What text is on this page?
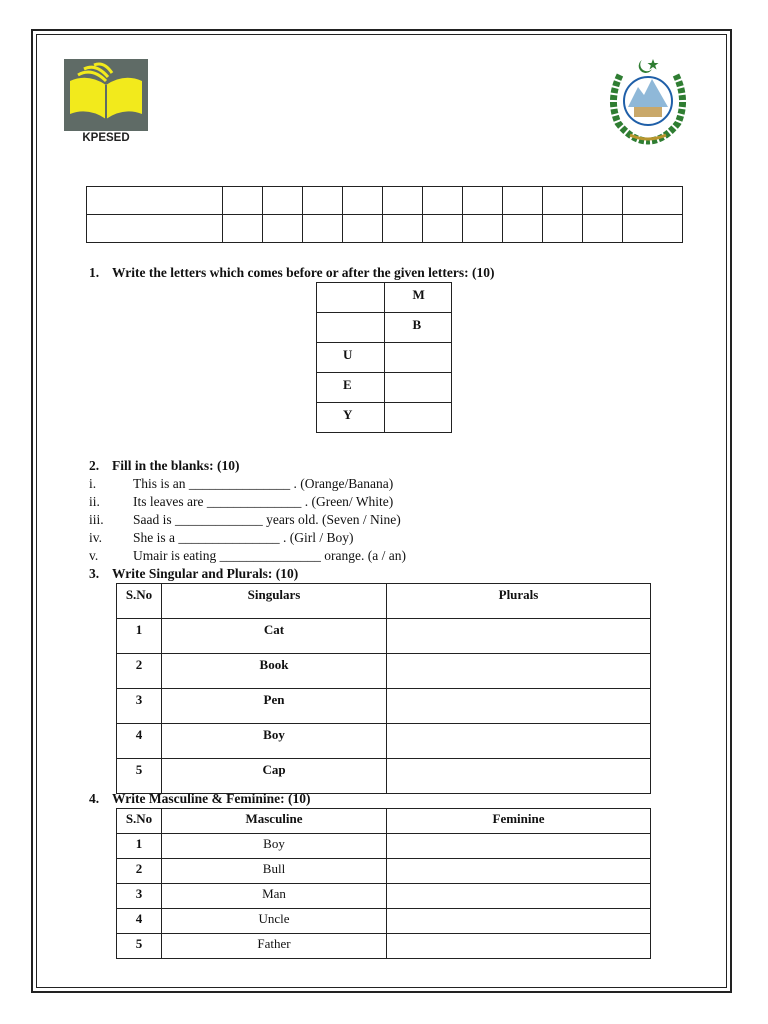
KPESED

1. Write the letters which comes before or after the given letters: (10)
	M
	B
U	
E	
Y	
2. Fill in the blanks: (10)
i.	This is an _______________ . (Orange/Banana)
ii. Its leaves are ______________ . (Green/ White)
iii. Saad is _____________ years old. (Seven / Nine)
iv. She is a _______________ . (Girl / Boy)
v.	Umair is eating _______________ orange. (a / an)
3. Write Singular and Plurals: (10)
S.No	Singulars	Plurals
1	Cat	
2	Book	
3	Pen	
4	Boy	
5	Cap	
4. Write Masculine & Feminine: (10)
S.No	Masculine	Feminine
1	Boy	
2	Bull	
3	Man	
4	Uncle	
5	Father	
